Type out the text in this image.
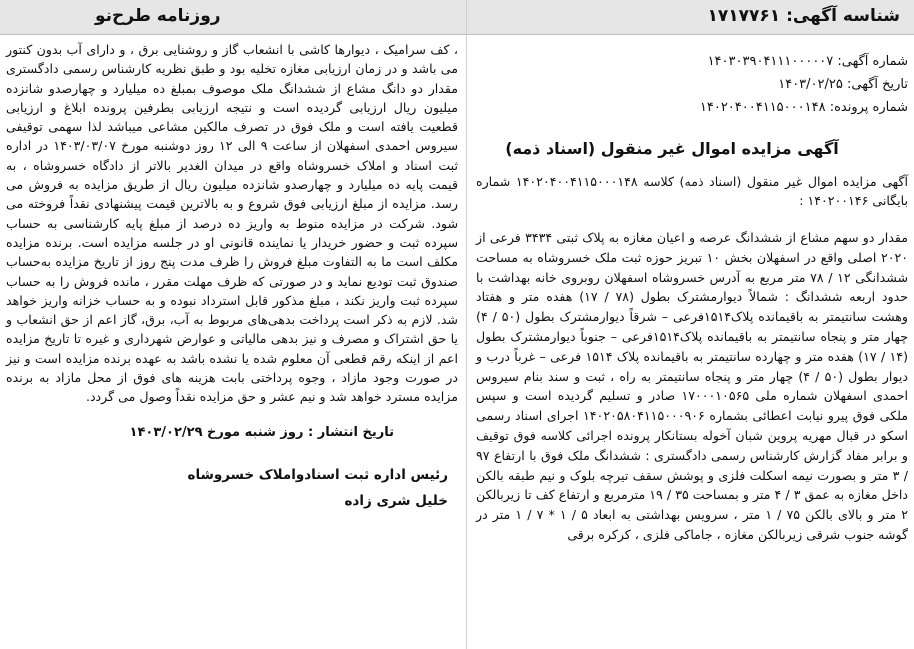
شناسه آگهی: ۱۷۱۷۷۶۱
روزنامه طرح‌نو
شماره آگهی: ۱۴۰۳۰۳۹۰۴۱۱۱۰۰۰۰۰۷
تاریخ آگهی: ۱۴۰۳/۰۲/۲۵
شماره پرونده: ۱۴۰۲۰۴۰۰۴۱۱۵۰۰۰۱۴۸
آگهی مزایده اموال غیر منقول (اسناد ذمه)
آگهی مزایده اموال غیر منقول (اسناد ذمه) کلاسه ۱۴۰۲۰۴۰۰۴۱۱۵۰۰۰۱۴۸ شماره بایگانی ۱۴۰۲۰۰۱۴۶ :
مقدار دو سهم مشاع از ششدانگ عرصه و اعیان مغازه به پلاک ثبتی ۳۴۳۴ فرعی از ۲۰۲۰ اصلی واقع در اسفهلان بخش ۱۰ تبریز حوزه ثبت ملک خسروشاه به مساحت ششدانگی ۱۲ / ۷۸ متر مربع به آدرس خسروشاه اسفهلان روبروی خانه بهداشت با حدود اربعه ششدانگ : شمالاً دیوارمشترک بطول (۷۸ / ۱۷) هفده متر و هفتاد وهشت سانتیمتر به باقیمانده پلاک۱۵۱۴فرعی – شرقاً دیوارمشترک بطول (۵۰ / ۴) چهار متر و پنجاه سانتیمتر به باقیمانده پلاک۱۵۱۴فرعی – جنوباً دیوارمشترک بطول (۱۴ / ۱۷) هفده متر و چهارده سانتیمتر به باقیمانده پلاک ۱۵۱۴ فرعی – غرباً درب و دیوار بطول (۵۰ / ۴) چهار متر و پنجاه سانتیمتر به راه ، ثبت و سند بنام سیروس احمدی اسفهلان شماره ملی ۱۷۰۰۰۱۰۵۶۵ صادر و تسلیم گردیده است و سپس ملکی فوق پیرو نیابت اعطائی بشماره ۱۴۰۲۰۵۸۰۴۱۱۵۰۰۰۹۰۶ اجرای اسناد رسمی اسکو در قبال مهریه پروین شبان آخوله بستانکار پرونده اجرائی کلاسه فوق توقیف و برابر مفاد گزارش کارشناس رسمی دادگستری : ششدانگ ملک فوق با ارتفاع ۹۷ / ۳ متر و بصورت نیمه اسکلت فلزی و پوشش سقف تیرچه بلوک و نیم طبقه بالکن داخل مغازه به عمق ۳ / ۴ متر و بمساحت ۳۵ / ۱۹ مترمربع و ارتفاع کف تا زیربالکن ۲ متر و بالای بالکن ۷۵ / ۱ متر ، سرویس بهداشتی به ابعاد ۵ / ۱ * ۷ / ۱ متر در گوشه جنوب شرقی زیربالکن مغازه ، جاماکی فلزی ، کرکره برقی
، کف سرامیک ، دیوارها کاشی با انشعاب گاز و روشنایی برق ، و دارای آب بدون کنتور می باشد و در زمان ارزیابی مغازه تخلیه بود و طبق نظریه کارشناس رسمی دادگستری مقدار دو دانگ مشاع از ششدانگ ملک موصوف بمبلغ ده میلیارد و چهارصدو شانزده میلیون ریال ارزیابی گردیده است و نتیجه ارزیابی بطرفین پرونده ابلاغ و ارزیابی قطعیت یافته است و ملک فوق در تصرف مالکین مشاعی میباشد لذا سهمی توقیفی سیروس احمدی اسفهلان از ساعت ۹ الی ۱۲ روز دوشنبه مورخ ۱۴۰۳/۰۳/۰۷ در اداره ثبت اسناد و املاک خسروشاه واقع در میدان الغدیر بالاتر از دادگاه خسروشاه ، به قیمت پایه ده میلیارد و چهارصدو شانزده میلیون ریال از طریق مزایده به فروش می رسد. مزایده از مبلغ ارزیابی فوق شروع و به بالاترین قیمت پیشنهادی نقداً فروخته می شود. شرکت در مزایده منوط به واریز ده درصد از مبلغ پایه کارشناسی به حساب سپرده ثبت و حضور خریدار یا نماینده قانونی او در جلسه مزایده است. برنده مزایده مکلف است ما به التفاوت مبلغ فروش را ظرف مدت پنج روز از تاریخ مزایده به‌حساب صندوق ثبت توديع نماید و در صورتی که ظرف مهلت مقرر ، مانده فروش را به حساب سپرده ثبت واریز نکند ، مبلغ مذکور قابل استرداد نبوده و به حساب خزانه واریز خواهد شد. لازم به ذکر است پرداخت بدهی‌های مربوط به آب، برق، گاز اعم از حق انشعاب و یا حق اشتراک و مصرف و نیز بدهی مالیاتی و عوارض شهرداری و غیره تا تاریخ مزایده اعم از اینکه رقم قطعی آن معلوم شده یا نشده باشد به عهده برنده مزایده است و نیز در صورت وجود مازاد ، وجوه پرداختی بابت هزینه های فوق از محل مازاد به برنده مزایده مسترد خواهد شد و نیم عشر و حق مزایده نقداً وصول می گردد.
تاریخ انتشار : روز شنبه مورخ ۱۴۰۳/۰۲/۲۹
رئیس اداره ثبت اسنادواملاک خسروشاه
خلیل شری زاده
